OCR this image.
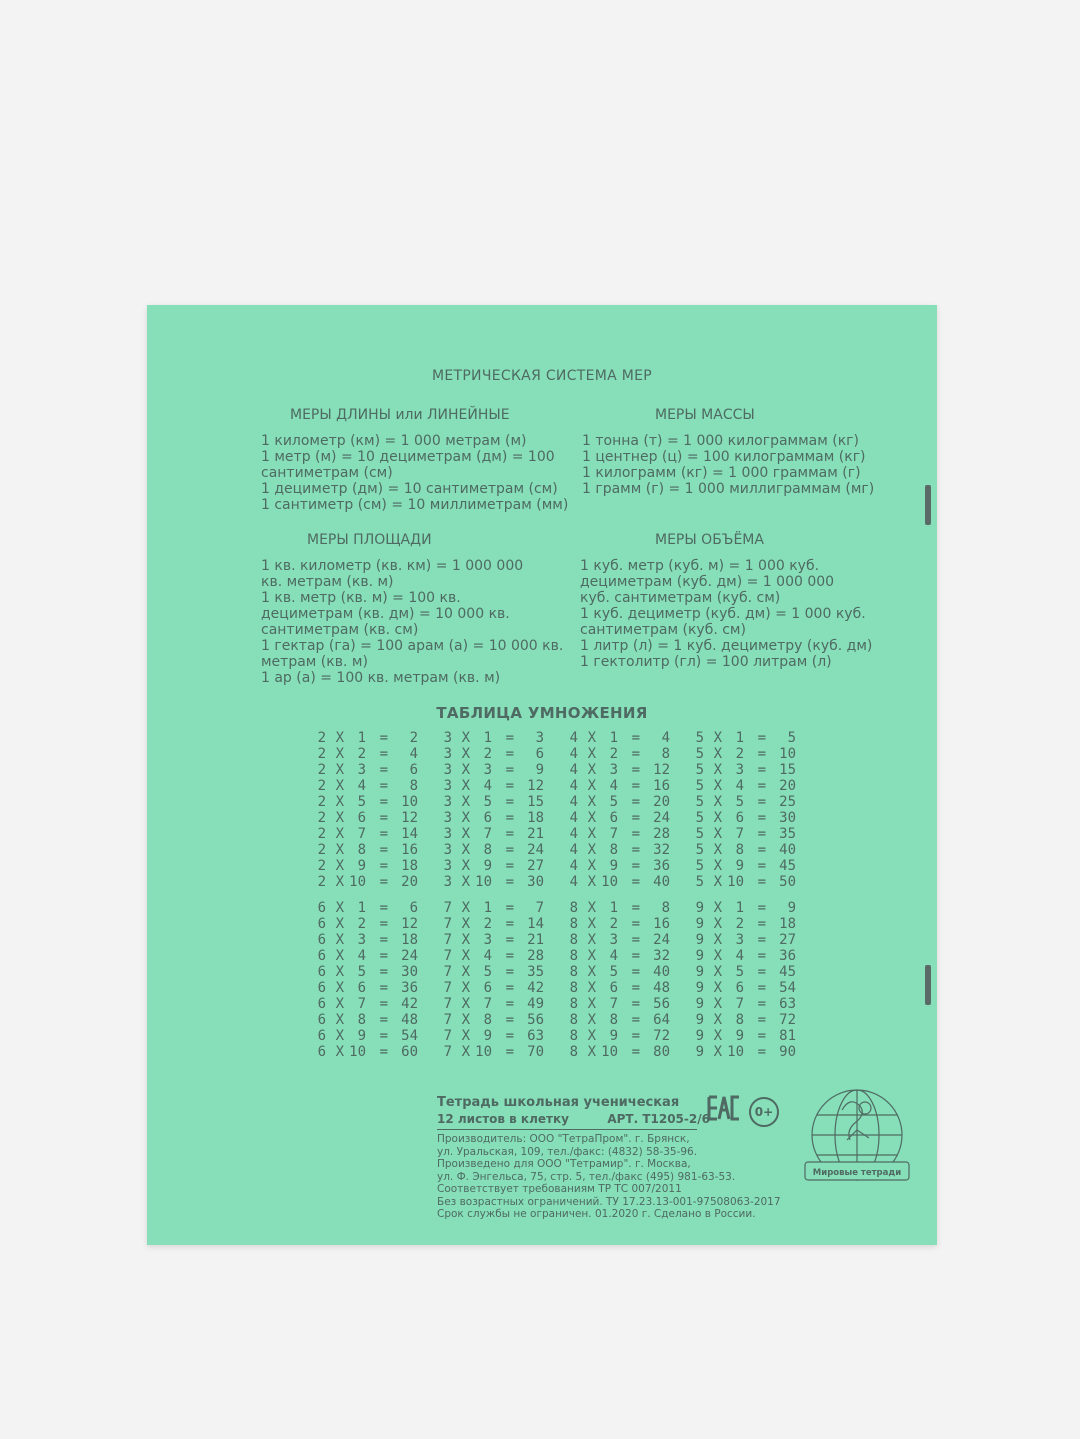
МЕТРИЧЕСКАЯ СИСТЕМА МЕР
МЕРЫ ДЛИНЫ или ЛИНЕЙНЫЕ
1 километр (км) = 1 000 метрам (м)
1 метр (м) = 10 дециметрам (дм) = 100
сантиметрам (см)
1 дециметр (дм) = 10 сантиметрам (см)
1 сантиметр (см) = 10 миллиметрам (мм)
МЕРЫ МАССЫ
1 тонна (т) = 1 000 килограммам (кг)
1 центнер (ц) = 100 килограммам (кг)
1 килограмм (кг) = 1 000 граммам (г)
1 грамм (г) = 1 000 миллиграммам (мг)
МЕРЫ ПЛОЩАДИ
1 кв. километр (кв. км) = 1 000 000
кв. метрам (кв. м)
1 кв. метр (кв. м) = 100 кв.
дециметрам (кв. дм) = 10 000 кв.
сантиметрам (кв. см)
1 гектар (га) = 100 арам (а) = 10 000 кв.
метрам (кв. м)
1 ар (а) = 100 кв. метрам (кв. м)
МЕРЫ ОБЪЁМА
1 куб. метр (куб. м) = 1 000 куб.
дециметрам (куб. дм) = 1 000 000
куб. сантиметрам (куб. см)
1 куб. дециметр (куб. дм) = 1 000 куб.
сантиметрам (куб. см)
1 литр (л) = 1 куб. дециметру (куб. дм)
1 гектолитр (гл) = 100 литрам (л)
ТАБЛИЦА УМНОЖЕНИЯ
2 X 1 = 2
2 X 2 = 4
2 X 3 = 6
2 X 4 = 8
2 X 5 = 10
2 X 6 = 12
2 X 7 = 14
2 X 8 = 16
2 X 9 = 18
2 X 10 = 20
3 X 1 = 3
3 X 2 = 6
3 X 3 = 9
3 X 4 = 12
3 X 5 = 15
3 X 6 = 18
3 X 7 = 21
3 X 8 = 24
3 X 9 = 27
3 X 10 = 30
4 X 1 = 4
4 X 2 = 8
4 X 3 = 12
4 X 4 = 16
4 X 5 = 20
4 X 6 = 24
4 X 7 = 28
4 X 8 = 32
4 X 9 = 36
4 X 10 = 40
5 X 1 = 5
5 X 2 = 10
5 X 3 = 15
5 X 4 = 20
5 X 5 = 25
5 X 6 = 30
5 X 7 = 35
5 X 8 = 40
5 X 9 = 45
5 X 10 = 50
6 X 1 = 6
6 X 2 = 12
6 X 3 = 18
6 X 4 = 24
6 X 5 = 30
6 X 6 = 36
6 X 7 = 42
6 X 8 = 48
6 X 9 = 54
6 X 10 = 60
7 X 1 = 7
7 X 2 = 14
7 X 3 = 21
7 X 4 = 28
7 X 5 = 35
7 X 6 = 42
7 X 7 = 49
7 X 8 = 56
7 X 9 = 63
7 X 10 = 70
8 X 1 = 8
8 X 2 = 16
8 X 3 = 24
8 X 4 = 32
8 X 5 = 40
8 X 6 = 48
8 X 7 = 56
8 X 8 = 64
8 X 9 = 72
8 X 10 = 80
9 X 1 = 9
9 X 2 = 18
9 X 3 = 27
9 X 4 = 36
9 X 5 = 45
9 X 6 = 54
9 X 7 = 63
9 X 8 = 72
9 X 9 = 81
9 X 10 = 90
Тетрадь школьная ученическая
12 листов в клетку	АРТ. Т1205-2/6
Производитель: ООО "ТетраПром". г. Брянск,
ул. Уральская, 109, тел./факс: (4832) 58-35-96.
Произведено для ООО "Тетрамир". г. Москва,
ул. Ф. Энгельса, 75, стр. 5, тел./факс (495) 981-63-53.
Соответствует требованиям ТР ТС 007/2011
Без возрастных ограничений. ТУ 17.23.13-001-97508063-2017
Срок службы не ограничен. 01.2020 г. Сделано в России.
0+
Мировые тетради
